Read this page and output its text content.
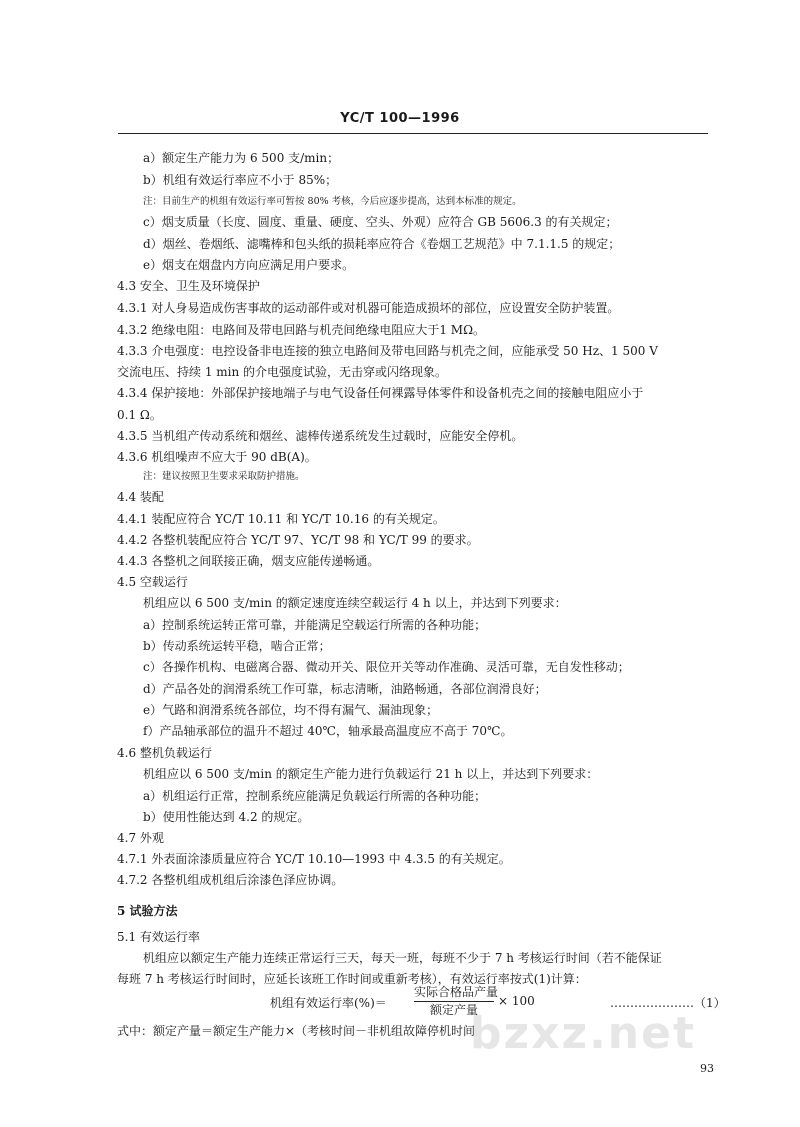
YC/T 100—1996
a）额定生产能力为 6 500 支/min；
b）机组有效运行率应不小于 85%；
注：目前生产的机组有效运行率可暂按 80% 考核，今后应逐步提高，达到本标准的规定。
c）烟支质量（长度、圆度、重量、硬度、空头、外观）应符合 GB 5606.3 的有关规定；
d）烟丝、卷烟纸、滤嘴棒和包头纸的损耗率应符合《卷烟工艺规范》中 7.1.1.5 的规定；
e）烟支在烟盘内方向应满足用户要求。
4.3 安全、卫生及环境保护
4.3.1 对人身易造成伤害事故的运动部件或对机器可能造成损坏的部位，应设置安全防护装置。
4.3.2 绝缘电阻：电路间及带电回路与机壳间绝缘电阻应大于1 MΩ。
4.3.3 介电强度：电控设备非电连接的独立电路间及带电回路与机壳之间，应能承受 50 Hz、1 500 V
交流电压、持续 1 min 的介电强度试验，无击穿或闪络现象。
4.3.4 保护接地：外部保护接地端子与电气设备任何裸露导体零件和设备机壳之间的接触电阻应小于
0.1 Ω。
4.3.5 当机组产传动系统和烟丝、滤棒传递系统发生过载时，应能安全停机。
4.3.6 机组噪声不应大于 90 dB(A)。
注：建议按照卫生要求采取防护措施。
4.4 装配
4.4.1 装配应符合 YC/T 10.11 和 YC/T 10.16 的有关规定。
4.4.2 各整机装配应符合 YC/T 97、YC/T 98 和 YC/T 99 的要求。
4.4.3 各整机之间联接正确，烟支应能传递畅通。
4.5 空载运行
机组应以 6 500 支/min 的额定速度连续空载运行 4 h 以上，并达到下列要求：
a）控制系统运转正常可靠，并能满足空载运行所需的各种功能；
b）传动系统运转平稳，啮合正常；
c）各操作机构、电磁离合器、微动开关、限位开关等动作准确、灵活可靠，无自发性移动；
d）产品各处的润滑系统工作可靠，标志清晰，油路畅通，各部位润滑良好；
e）气路和润滑系统各部位，均不得有漏气、漏油现象；
f）产品轴承部位的温升不超过 40℃，轴承最高温度应不高于 70℃。
4.6 整机负载运行
机组应以 6 500 支/min 的额定生产能力进行负载运行 21 h 以上，并达到下列要求：
a）机组运行正常，控制系统应能满足负载运行所需的各种功能；
b）使用性能达到 4.2 的规定。
4.7 外观
4.7.1 外表面涂漆质量应符合 YC/T 10.10—1993 中 4.3.5 的有关规定。
4.7.2 各整机组成机组后涂漆色泽应协调。
5 试验方法
5.1 有效运行率
机组应以额定生产能力连续正常运行三天，每天一班，每班不少于 7 h 考核运行时间（若不能保证
每班 7 h 考核运行时间时，应延长该班工作时间或重新考核），有效运行率按式(1)计算：
式中：额定产量＝额定生产能力×（考核时间－非机组故障停机时间）
机组有效运行率(%)＝
实际合格品产量
额定产量
× 100	…………………（1）
bzxz.net
93
